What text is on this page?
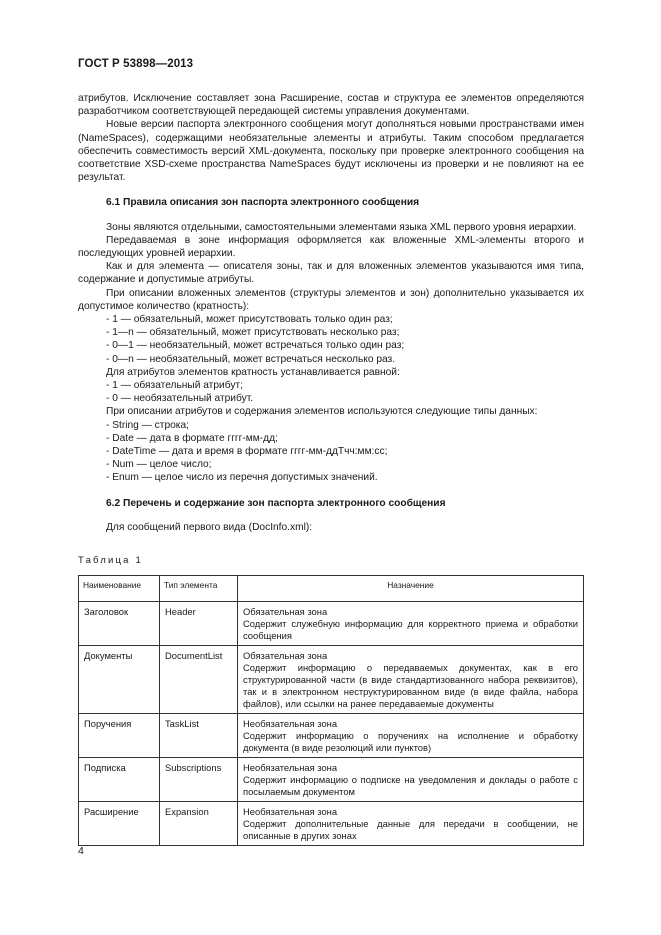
ГОСТ Р 53898—2013

атрибутов. Исключение составляет зона Расширение, состав и структура ее элементов определяются разработчиком соответствующей передающей системы управления документами.

Новые версии паспорта электронного сообщения могут дополняться новыми пространствами имен (NameSpaces), содержащими необязательные элементы и атрибуты. Таким способом предлагается обеспечить совместимость версий XML-документа, поскольку при проверке электронного сообщения на соответствие XSD-схеме пространства NameSpaces будут исключены из проверки и не повлияют на ее результат.

6.1 Правила описания зон паспорта электронного сообщения

Зоны являются отдельными, самостоятельными элементами языка XML первого уровня иерархии.

Передаваемая в зоне информация оформляется как вложенные XML-элементы второго и последующих уровней иерархии.

Как и для элемента — описателя зоны, так и для вложенных элементов указываются имя типа, содержание и допустимые атрибуты.

При описании вложенных элементов (структуры элементов и зон) дополнительно указывается их допустимое количество (кратность):

- 1 — обязательный, может присутствовать только один раз;

- 1—n — обязательный, может присутствовать несколько раз;

- 0—1 — необязательный, может встречаться только один раз;

- 0—n — необязательный, может встречаться несколько раз.

Для атрибутов элементов кратность устанавливается равной:

- 1 — обязательный атрибут;

- 0 — необязательный атрибут.

При описании атрибутов и содержания элементов используются следующие типы данных:

- String — строка;

- Date — дата в формате гггг-мм-дд;

- DateTime — дата и время в формате гггг-мм-ддТчч:мм:сс;

- Num — целое число;

- Enum — целое число из перечня допустимых значений.

6.2 Перечень и содержание зон паспорта электронного сообщения

Для сообщений первого вида (DocInfo.xml):

Таблица 1
Наименование	Тип элемента	Назначение
Заголовок	Header	Обязательная зона
Содержит служебную информацию для корректного приема и обработки сообщения

Документы	DocumentList	Обязательная зона
Содержит информацию о передаваемых документах, как в его структурированной части (в виде стандартизованного набора реквизитов), так и в электронном неструктурированном виде (в виде файла, набора файлов), или ссылки на ранее передаваемые документы

Поручения	TaskList	Необязательная зона
Содержит информацию о поручениях на исполнение и обработку документа (в виде резолюций или пунктов)

Подписка	Subscriptions	Необязательная зона
Содержит информацию о подписке на уведомления и доклады о работе с посылаемым документом

Расширение	Expansion	Необязательная зона
Содержит дополнительные данные для передачи в сообщении, не описанные в других зонах
4
